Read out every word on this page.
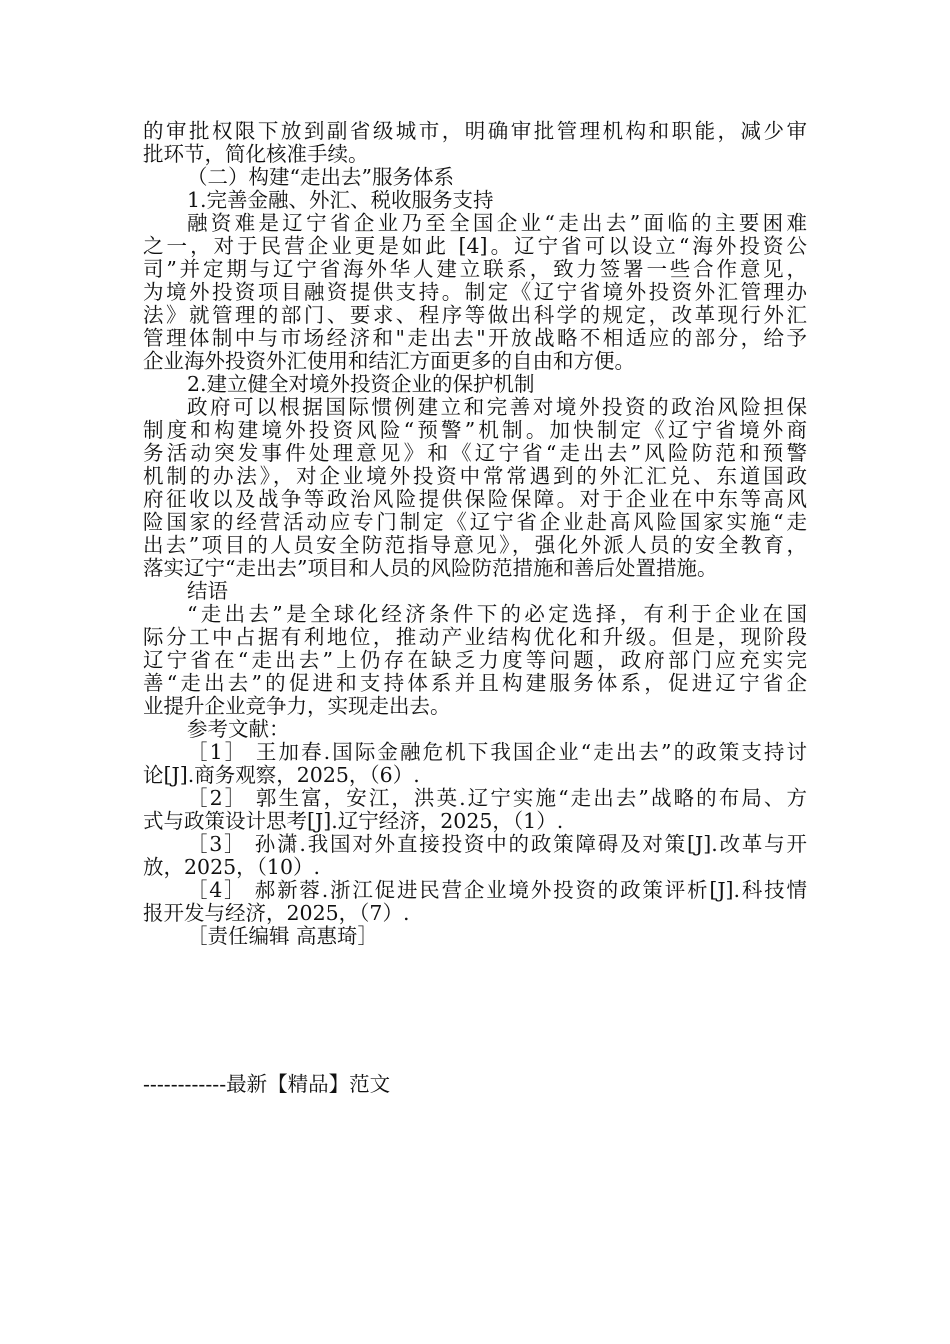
的审批权限下放到副省级城市，明确审批管理机构和职能，减少审
批环节，简化核准手续。
（二）构建“走出去”服务体系
1.完善金融、外汇、税收服务支持
融资难是辽宁省企业乃至全国企业“走出去”面临的主要困难
之一，对于民营企业更是如此 [4]。辽宁省可以设立“海外投资公
司”并定期与辽宁省海外华人建立联系，致力签署一些合作意见，
为境外投资项目融资提供支持。制定《辽宁省境外投资外汇管理办
法》就管理的部门、要求、程序等做出科学的规定，改革现行外汇
管理体制中与市场经济和"走出去"开放战略不相适应的部分，给予
企业海外投资外汇使用和结汇方面更多的自由和方便。
2.建立健全对境外投资企业的保护机制
政府可以根据国际惯例建立和完善对境外投资的政治风险担保
制度和构建境外投资风险“预警”机制。加快制定《辽宁省境外商
务活动突发事件处理意见》和《辽宁省“走出去”风险防范和预警
机制的办法》，对企业境外投资中常常遇到的外汇汇兑、东道国政
府征收以及战争等政治风险提供保险保障。对于企业在中东等高风
险国家的经营活动应专门制定《辽宁省企业赴高风险国家实施“走
出去”项目的人员安全防范指导意见》，强化外派人员的安全教育，
落实辽宁“走出去”项目和人员的风险防范措施和善后处置措施。
结语
“走出去”是全球化经济条件下的必定选择，有利于企业在国
际分工中占据有利地位，推动产业结构优化和升级。但是，现阶段
辽宁省在“走出去”上仍存在缺乏力度等问题，政府部门应充实完
善“走出去”的促进和支持体系并且构建服务体系，促进辽宁省企
业提升企业竞争力，实现走出去。
参考文献：
［1］ 王加春.国际金融危机下我国企业“走出去”的政策支持讨
论[J].商务观察，2025，（6）.
［2］ 郭生富，安江，洪英.辽宁实施“走出去”战略的布局、方
式与政策设计思考[J].辽宁经济，2025，（1）.
［3］ 孙潇.我国对外直接投资中的政策障碍及对策[J].改革与开
放，2025，（10）.
［4］ 郝新蓉.浙江促进民营企业境外投资的政策评析[J].科技情
报开发与经济，2025，（7）.
［责任编辑 高惠琦］
------------最新【精品】范文
